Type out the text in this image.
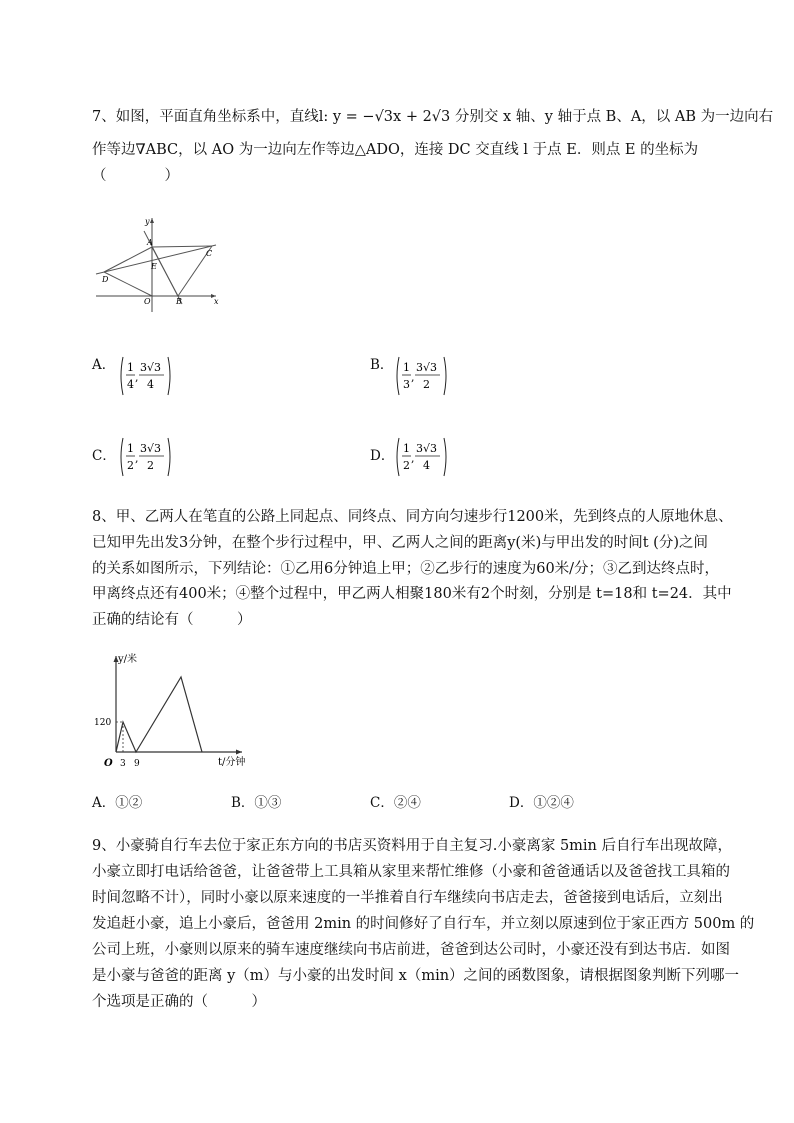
7、如图，平面直角坐标系中，直线l: y = −√3x + 2√3 分别交 x 轴、y 轴于点 B、A，以 AB 为一边向右
作等边∇ABC，以 AO 为一边向左作等边△ADO，连接 DC 交直线 l 于点 E．则点 E 的坐标为
（　　　　）
y
x
A
B
C
D
E
O
A． 1
4
,
3√3
4
B． 1
3
,
3√3
2
C． 1
2
,
3√3
2
D． 1
2
,
3√3
4
8、甲、乙两人在笔直的公路上同起点、同终点、同方向匀速步行1200米，先到终点的人原地休息、
已知甲先出发3分钟，在整个步行过程中，甲、乙两人之间的距离y(米)与甲出发的时间t (分)之间
的关系如图所示，下列结论：①乙用6分钟追上甲；②乙步行的速度为60米/分；③乙到达终点时，
甲离终点还有400米；④整个过程中，甲乙两人相聚180米有2个时刻，分别是 t=18和 t=24．其中
正确的结论有（　　　）
y/米
t/分钟
O 3 9
120
A．①②	B．①③	C．②④	D．①②④
9、小豪骑自行车去位于家正东方向的书店买资料用于自主复习.小豪离家 5min 后自行车出现故障，
小豪立即打电话给爸爸，让爸爸带上工具箱从家里来帮忙维修（小豪和爸爸通话以及爸爸找工具箱的
时间忽略不计），同时小豪以原来速度的一半推着自行车继续向书店走去，爸爸接到电话后，立刻出
发追赶小豪，追上小豪后，爸爸用 2min 的时间修好了自行车，并立刻以原速到位于家正西方 500m 的
公司上班，小豪则以原来的骑车速度继续向书店前进，爸爸到达公司时，小豪还没有到达书店．如图
是小豪与爸爸的距离 y（m）与小豪的出发时间 x（min）之间的函数图象，请根据图象判断下列哪一
个选项是正确的（　　　）
